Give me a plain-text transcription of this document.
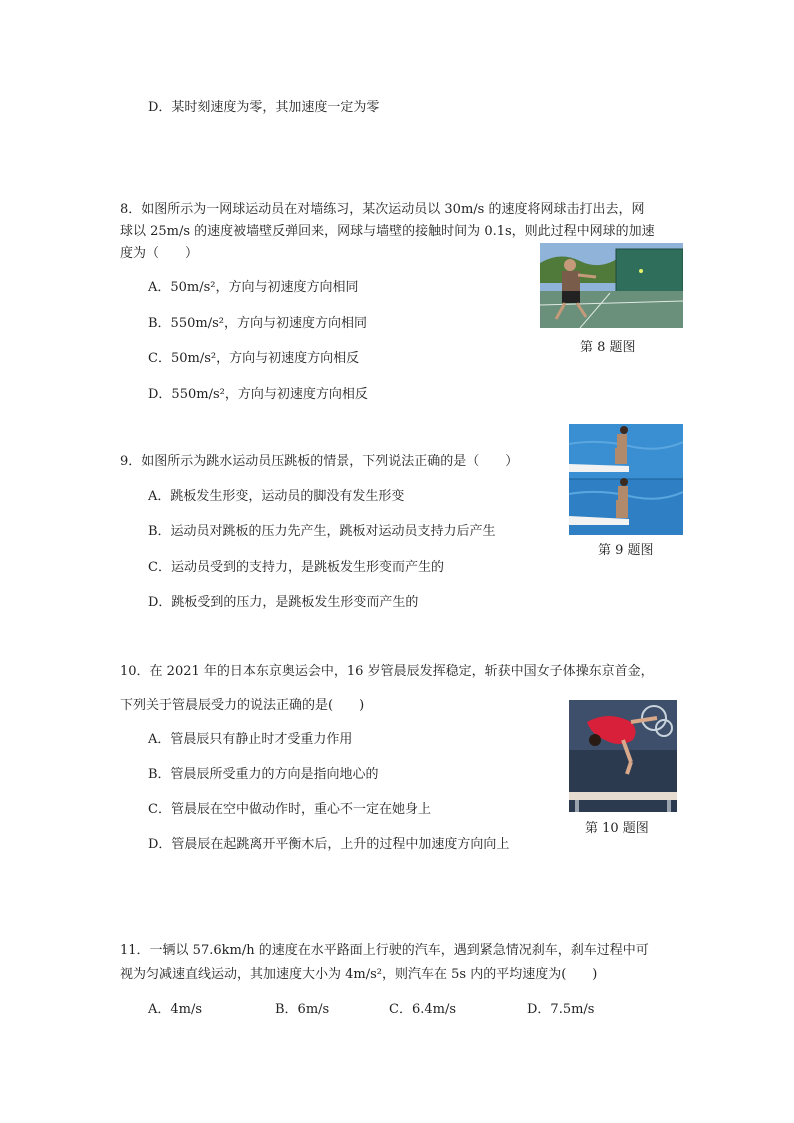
D．某时刻速度为零，其加速度一定为零
8．如图所示为一网球运动员在对墙练习，某次运动员以 30m/s 的速度将网球击打出去，网
球以 25m/s 的速度被墙壁反弹回来，网球与墙壁的接触时间为 0.1s，则此过程中网球的加速
度为（　　）
A．50m/s²，方向与初速度方向相同
B．550m/s²，方向与初速度方向相同
C．50m/s²，方向与初速度方向相反
D．550m/s²，方向与初速度方向相反
第 8 题图
9．如图所示为跳水运动员压跳板的情景，下列说法正确的是（　　）
A．跳板发生形变，运动员的脚没有发生形变
B．运动员对跳板的压力先产生，跳板对运动员支持力后产生
C．运动员受到的支持力，是跳板发生形变而产生的
D．跳板受到的压力，是跳板发生形变而产生的
第 9 题图
10．在 2021 年的日本东京奥运会中，16 岁管晨辰发挥稳定，斩获中国女子体操东京首金，
下列关于管晨辰受力的说法正确的是(　　)
A．管晨辰只有静止时才受重力作用
B．管晨辰所受重力的方向是指向地心的
C．管晨辰在空中做动作时，重心不一定在她身上
D．管晨辰在起跳离开平衡木后，上升的过程中加速度方向向上
第 10 题图
11．一辆以 57.6km/h 的速度在水平路面上行驶的汽车，遇到紧急情况刹车，刹车过程中可
视为匀减速直线运动，其加速度大小为 4m/s²，则汽车在 5s 内的平均速度为(　　)
A．4m/s	B．6m/s	C．6.4m/s	D．7.5m/s
